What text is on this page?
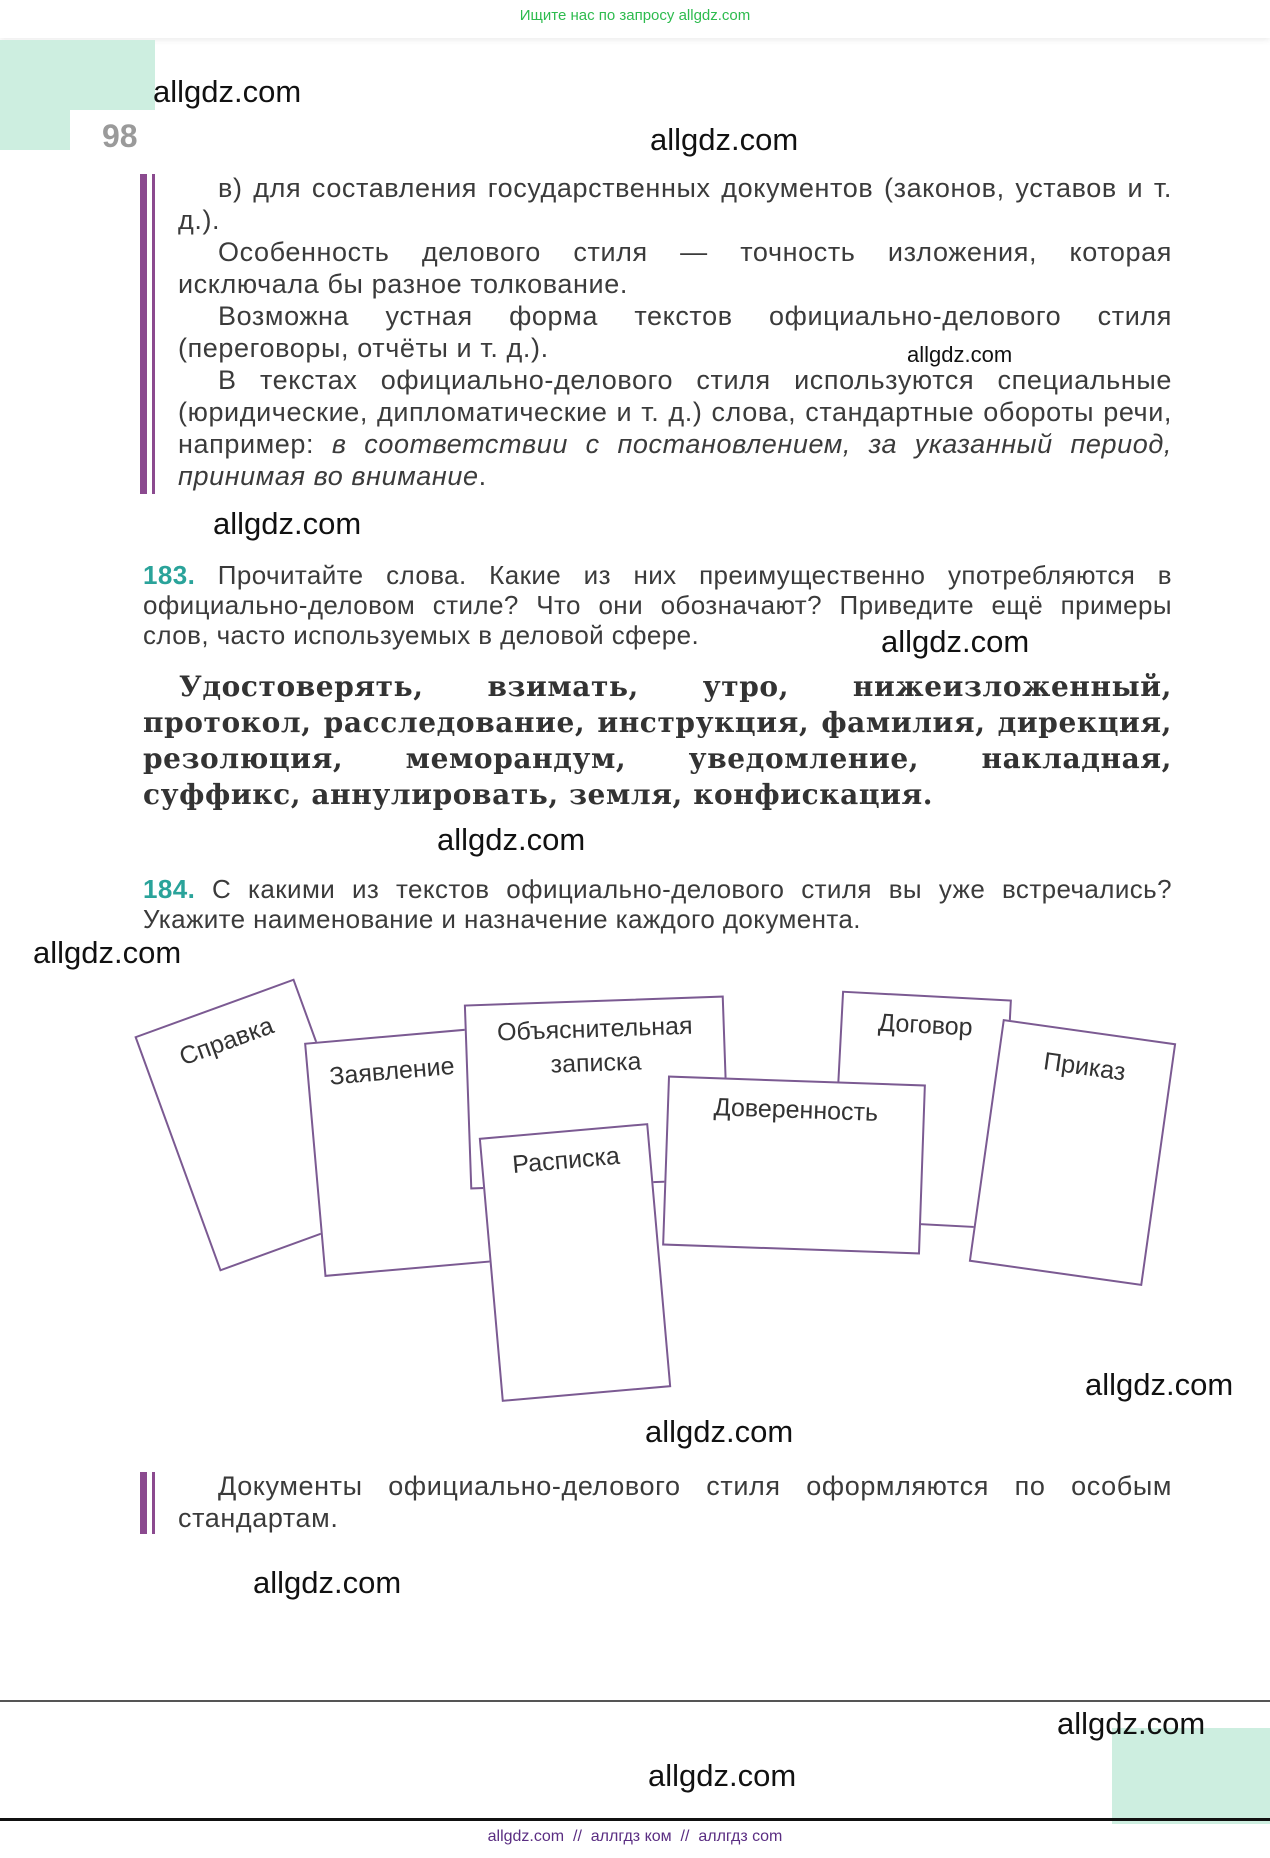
Ищите нас по запросу allgdz.com
98

в) для составления государственных документов (законов, уставов и т. д.).

Особенность делового стиля — точность изложения, которая исключала бы разное толкование.

Возможна устная форма текстов официально-делового стиля (переговоры, отчёты и т. д.).

В текстах официально-делового стиля используются специальные (юридические, дипломатические и т. д.) слова, стандартные обороты речи, например: в соответствии с постановлением, за указанный период, принимая во внимание.

183. Прочитайте слова. Какие из них преимущественно употребляются в официально-деловом стиле? Что они обозначают? Приведите ещё примеры слов, часто используемых в деловой сфере.
Удостоверять, взимать, утро, нижеизложенный, протокол, расследование, инструкция, фамилия, дирекция, резолюция, меморандум, уведомление, накладная, суффикс, аннулировать, земля, конфискация.
184. С какими из текстов официально-делового стиля вы уже встречались? Укажите наименование и назначение каждого документа.
Справка
Заявление
Объяснительная
записка
Договор
Приказ
Доверенность
Расписка

Документы официально-делового стиля оформляются по особым стандартам.

allgdz.com
allgdz.com
allgdz.com
allgdz.com
allgdz.com
allgdz.com
allgdz.com
allgdz.com
allgdz.com
allgdz.com
allgdz.com
allgdz.com
allgdz.com  //  аллгдз ком  //  аллгдз com
